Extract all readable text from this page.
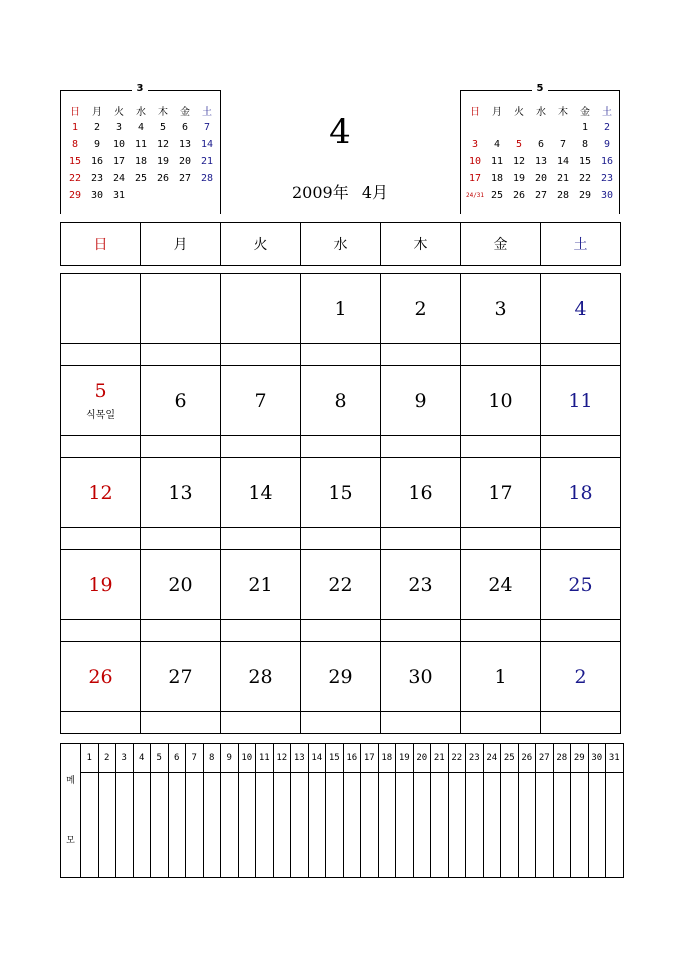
3
日	月	火	水	木	金	土
1	2	3	4	5	6	7
8	9	10	11	12	13	14
15	16	17	18	19	20	21
22	23	24	25	26	27	28
29	30	31				
5
日	月	火	水	木	金	土
					1	2
3	4	5	6	7	8	9
10	11	12	13	14	15	16
17	18	19	20	21	22	23
24/31	25	26	27	28	29	30
4
2009年 4月
日	月	火	水	木	金	土
			1	2	3	4

5
식목일	6	7	8	9	10	11

12	13	14	15	16	17	18

19	20	21	22	23	24	25

26	27	28	29	30	1	2

메
모	1	2	3	4	5	6	7	8	9	10	11	12	13	14	15	16	17	18	19	20	21	22	23	24	25	26	27	28	29	30	31
